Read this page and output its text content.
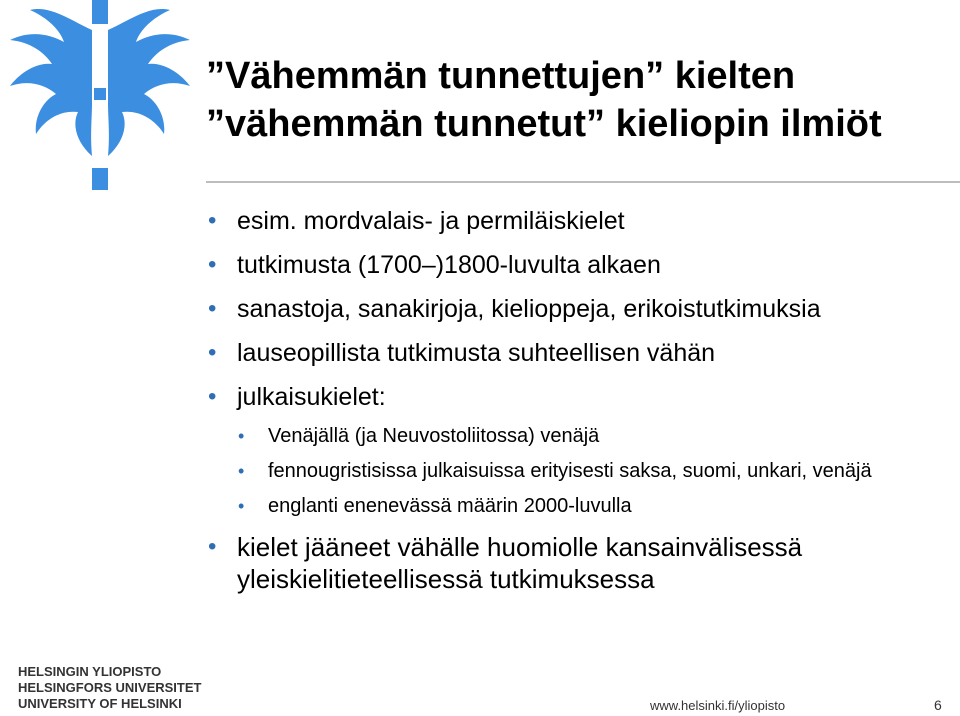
”Vähemmän tunnettujen” kielten ”vähemmän tunnetut” kieliopin ilmiöt
• esim. mordvalais- ja permiläiskielet
• tutkimusta (1700–)1800-luvulta alkaen
• sanastoja, sanakirjoja, kielioppeja, erikoistutkimuksia
• lauseopillista tutkimusta suhteellisen vähän
• julkaisukielet:
• Venäjällä (ja Neuvostoliitossa) venäjä
• fennougristisissa julkaisuissa erityisesti saksa, suomi, unkari, venäjä
• englanti enenevässä määrin 2000-luvulla
• kielet jääneet vähälle huomiolle kansainvälisessä yleiskielitieteellisessä tutkimuksessa
HELSINGIN YLIOPISTO
HELSINGFORS UNIVERSITET
UNIVERSITY OF HELSINKI	www.helsinki.fi/yliopisto	6
